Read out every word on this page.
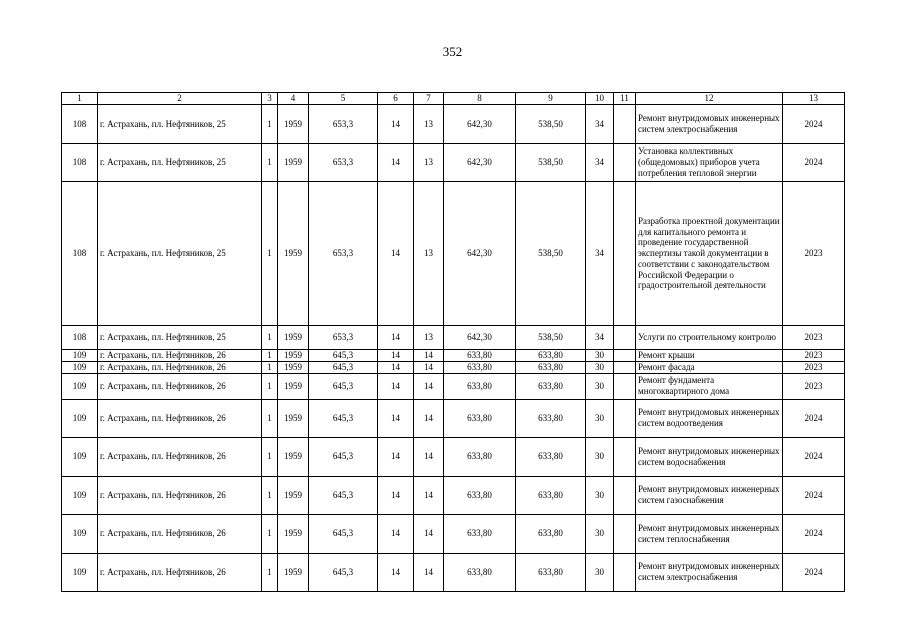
352
1	2	3	4	5	6	7	8	9	10	11	12	13
108	г. Астрахань, пл. Нефтяников, 25	1	1959	653,3	14	13	642,30	538,50	34		Ремонт внутридомовых инженерных систем электроснабжения	2024
108	г. Астрахань, пл. Нефтяников, 25	1	1959	653,3	14	13	642,30	538,50	34		Установка коллективных (общедомовых) приборов учета потребления тепловой энергии	2024
108	г. Астрахань, пл. Нефтяников, 25	1	1959	653,3	14	13	642,30	538,50	34		Разработка проектной документации для капитального ремонта и проведение государственной экспертизы такой документации в соответствии с законодательством Российской Федерации о градостроительной деятельности	2023
108	г. Астрахань, пл. Нефтяников, 25	1	1959	653,3	14	13	642,30	538,50	34		Услуги по строительному контролю	2023
109	г. Астрахань, пл. Нефтяников, 26	1	1959	645,3	14	14	633,80	633,80	30		Ремонт крыши	2023
109	г. Астрахань, пл. Нефтяников, 26	1	1959	645,3	14	14	633,80	633,80	30		Ремонт фасада	2023
109	г. Астрахань, пл. Нефтяников, 26	1	1959	645,3	14	14	633,80	633,80	30		Ремонт фундамента многоквартирного дома	2023
109	г. Астрахань, пл. Нефтяников, 26	1	1959	645,3	14	14	633,80	633,80	30		Ремонт внутридомовых инженерных систем водоотведения	2024
109	г. Астрахань, пл. Нефтяников, 26	1	1959	645,3	14	14	633,80	633,80	30		Ремонт внутридомовых инженерных систем водоснабжения	2024
109	г. Астрахань, пл. Нефтяников, 26	1	1959	645,3	14	14	633,80	633,80	30		Ремонт внутридомовых инженерных систем газоснабжения	2024
109	г. Астрахань, пл. Нефтяников, 26	1	1959	645,3	14	14	633,80	633,80	30		Ремонт внутридомовых инженерных систем теплоснабжения	2024
109	г. Астрахань, пл. Нефтяников, 26	1	1959	645,3	14	14	633,80	633,80	30		Ремонт внутридомовых инженерных систем электроснабжения	2024
